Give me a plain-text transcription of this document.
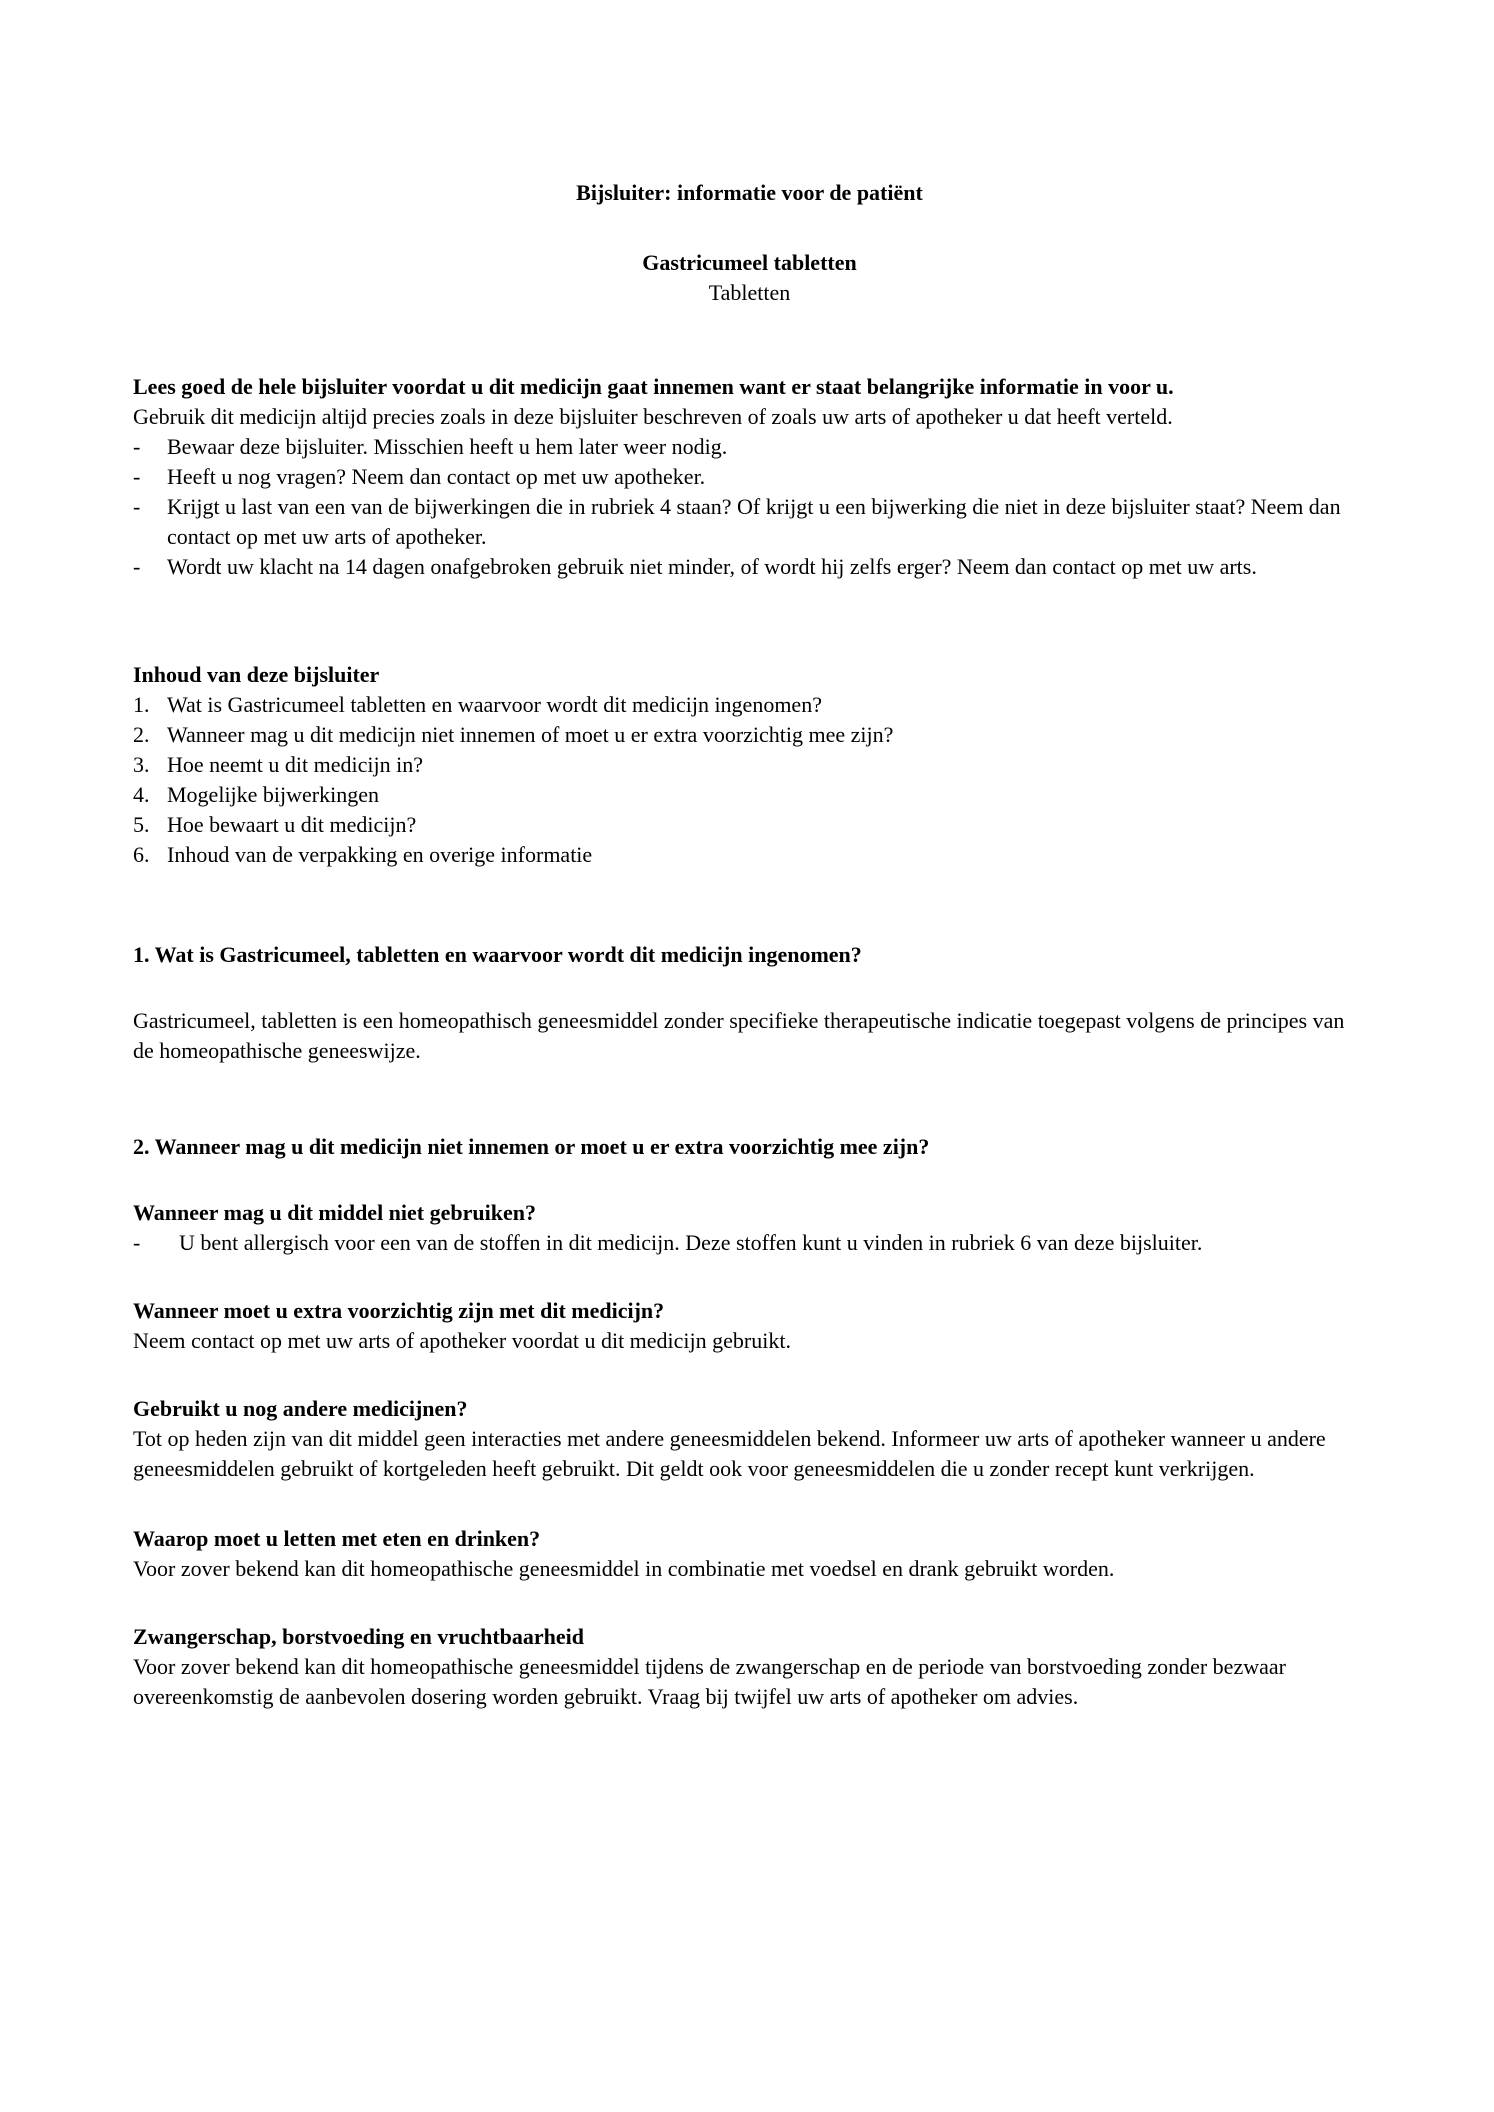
Bijsluiter: informatie voor de patiënt
Gastricumeel tabletten
Tabletten
Lees goed de hele bijsluiter voordat u dit medicijn gaat innemen want er staat belangrijke informatie in voor u.
Gebruik dit medicijn altijd precies zoals in deze bijsluiter beschreven of zoals uw arts of apotheker u dat heeft verteld.
-	Bewaar deze bijsluiter. Misschien heeft u hem later weer nodig.
-	Heeft u nog vragen? Neem dan contact op met uw apotheker.
-	Krijgt u last van een van de bijwerkingen die in rubriek 4 staan? Of krijgt u een bijwerking die niet in deze bijsluiter staat? Neem dan contact op met uw arts of apotheker.
-	Wordt uw klacht na 14 dagen onafgebroken gebruik niet minder, of wordt hij zelfs erger? Neem dan contact op met uw arts.
Inhoud van deze bijsluiter
1. Wat is Gastricumeel tabletten en waarvoor wordt dit medicijn ingenomen?
2. Wanneer mag u dit medicijn niet innemen of moet u er extra voorzichtig mee zijn?
3. Hoe neemt u dit medicijn in?
4. Mogelijke bijwerkingen
5. Hoe bewaart u dit medicijn?
6. Inhoud van de verpakking en overige informatie
1. Wat is Gastricumeel, tabletten en waarvoor wordt dit medicijn ingenomen?
Gastricumeel, tabletten is een homeopathisch geneesmiddel zonder specifieke therapeutische indicatie toegepast volgens de principes van de homeopathische geneeswijze.
2. Wanneer mag u dit medicijn niet innemen or moet u er extra voorzichtig mee zijn?
Wanneer mag u dit middel niet gebruiken?
-	U bent allergisch voor een van de stoffen in dit medicijn. Deze stoffen kunt u vinden in rubriek 6 van deze bijsluiter.
Wanneer moet u extra voorzichtig zijn met dit medicijn?
Neem contact op met uw arts of apotheker voordat u dit medicijn gebruikt.
Gebruikt u nog andere medicijnen?
Tot op heden zijn van dit middel geen interacties met andere geneesmiddelen bekend. Informeer uw arts of apotheker wanneer u andere geneesmiddelen gebruikt of kortgeleden heeft gebruikt. Dit geldt ook voor geneesmiddelen die u zonder recept kunt verkrijgen.
Waarop moet u letten met eten en drinken?
Voor zover bekend kan dit homeopathische geneesmiddel in combinatie met voedsel en drank gebruikt worden.
Zwangerschap, borstvoeding en vruchtbaarheid
Voor zover bekend kan dit homeopathische geneesmiddel tijdens de zwangerschap en de periode van borstvoeding zonder bezwaar overeenkomstig de aanbevolen dosering worden gebruikt. Vraag bij twijfel uw arts of apotheker om advies.
